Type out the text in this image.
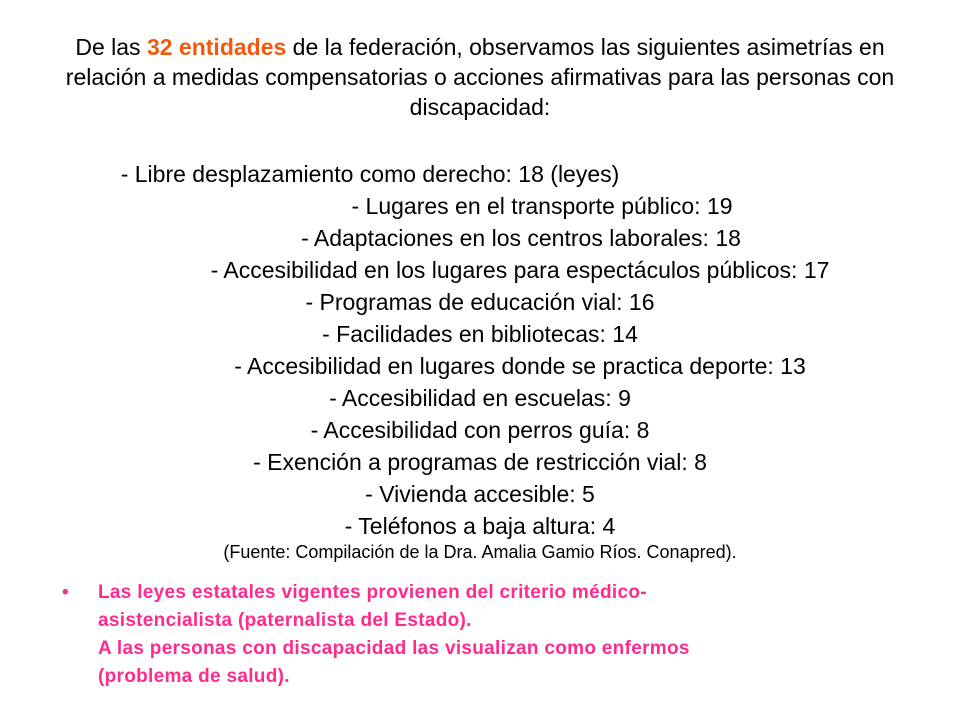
De las 32 entidades de la federación, observamos las siguientes asimetrías en relación a medidas compensatorias o acciones afirmativas para las personas con discapacidad:
- Libre desplazamiento como derecho: 18 (leyes)
- Lugares en el transporte público: 19
- Adaptaciones en los centros laborales: 18
- Accesibilidad en los lugares para espectáculos públicos: 17
- Programas de educación vial: 16
- Facilidades en bibliotecas: 14
- Accesibilidad en lugares donde se practica deporte: 13
- Accesibilidad en escuelas: 9
- Accesibilidad con perros guía: 8
- Exención a programas de restricción vial: 8
- Vivienda accesible: 5
- Teléfonos a baja altura: 4
(Fuente: Compilación de la Dra. Amalia Gamio Ríos. Conapred).
• Las leyes estatales vigentes provienen del criterio médico-
asistencialista (paternalista del Estado).
A las personas con discapacidad las visualizan como enfermos
(problema de salud).
